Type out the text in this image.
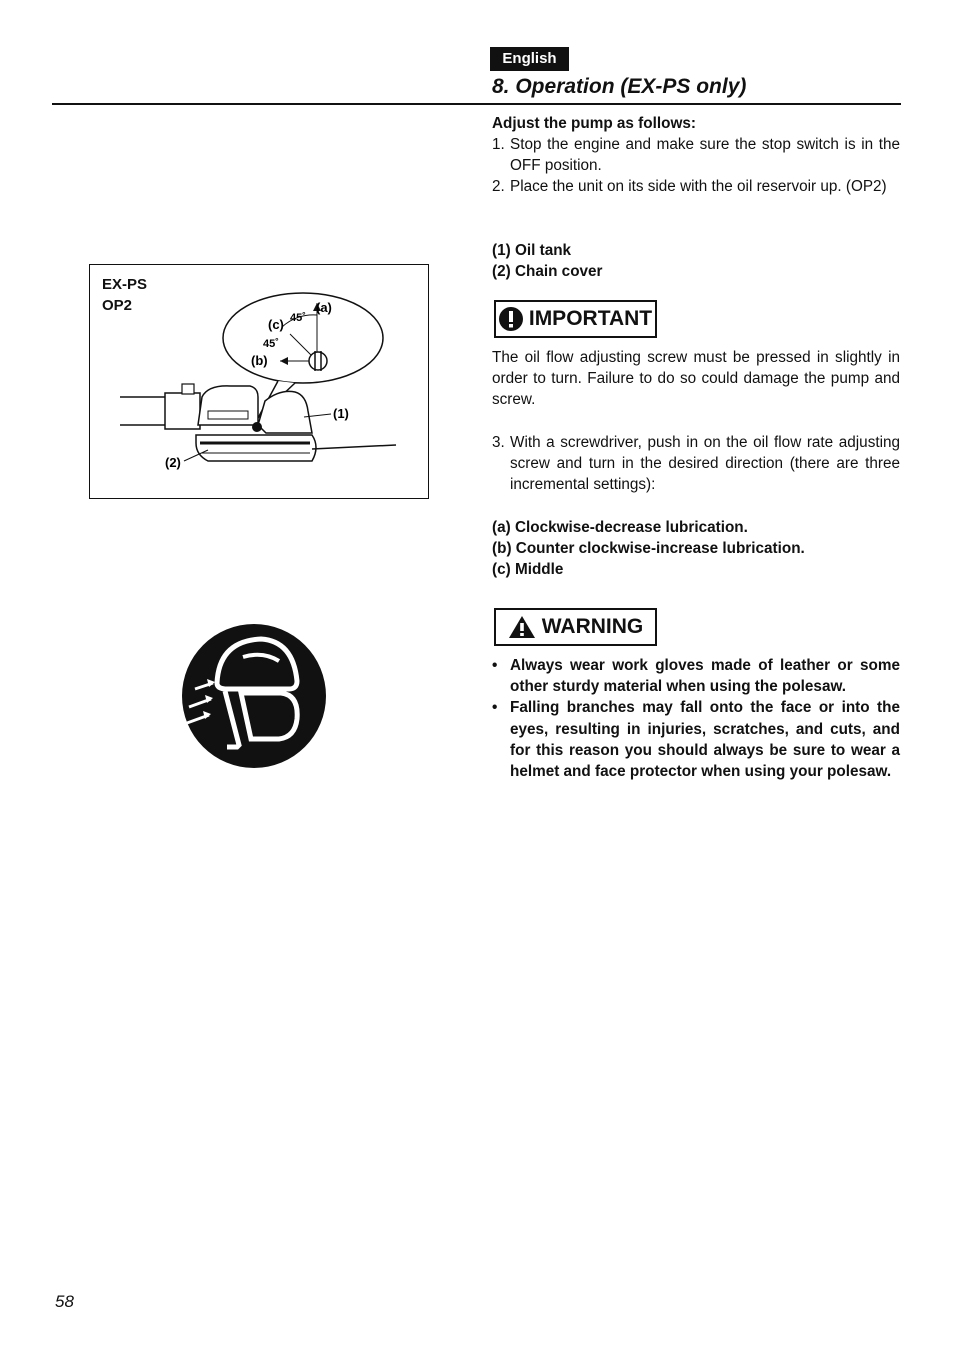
English
8. Operation (EX-PS only)
EX-PS
OP2	(a)
(c) 45˚
45˚
(b)
(1)
(2)
Adjust the pump as follows:
1. Stop the engine and make sure the stop switch is in the OFF position.
2. Place the unit on its side with the oil reservoir up. (OP2)
(1) Oil tank
(2) Chain cover
IMPORTANT
The oil flow adjusting screw must be pressed in slightly in order to turn. Failure to do so could damage the pump and screw.
3. With a screwdriver, push in on the oil flow rate adjusting screw and turn in the desired direction (there are three incremental settings):
(a) Clockwise-decrease lubrication.
(b) Counter clockwise-increase lubrication.
(c) Middle
WARNING
• Always wear work gloves made of leather or some other sturdy material when using the polesaw.
• Falling branches may fall onto the face or into the eyes, resulting in injuries, scratches, and cuts, and for this reason you should always be sure to wear a helmet and face protector when using your polesaw.
58
